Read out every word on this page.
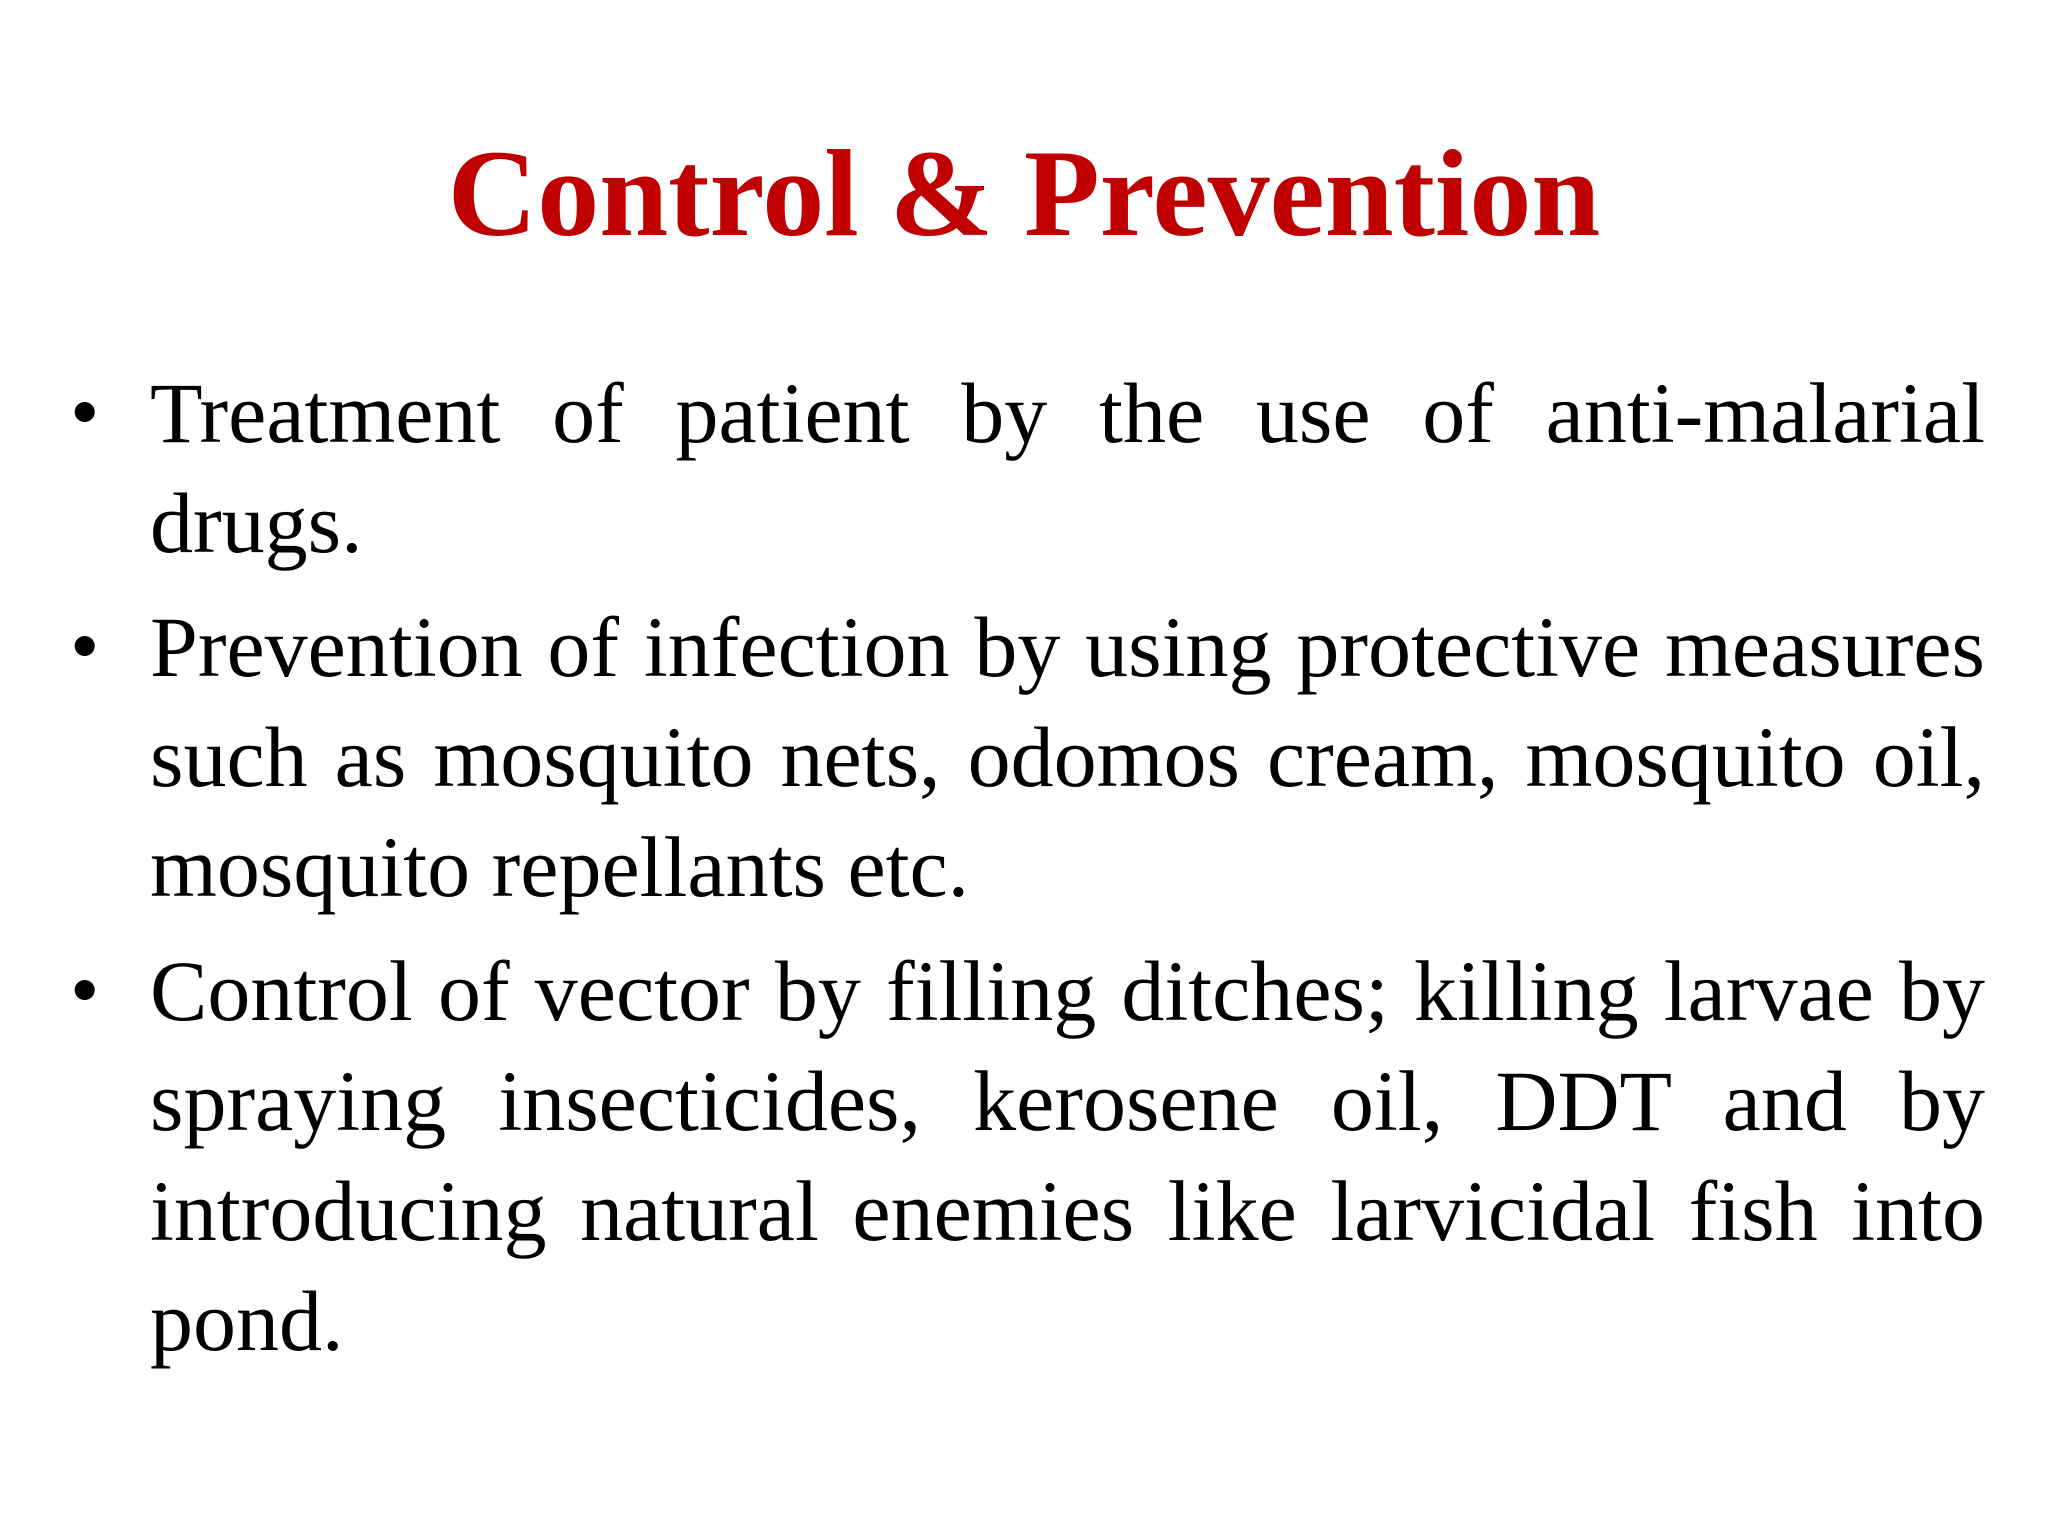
Control & Prevention
• Treatment of patient by the use of anti-malarial drugs.
• Prevention of infection by using protective measures such as mosquito nets, odomos cream, mosquito oil, mosquito repellants etc.
• Control of vector by filling ditches; killing larvae by spraying insecticides, kerosene oil, DDT and by introducing natural enemies like larvicidal fish into pond.
